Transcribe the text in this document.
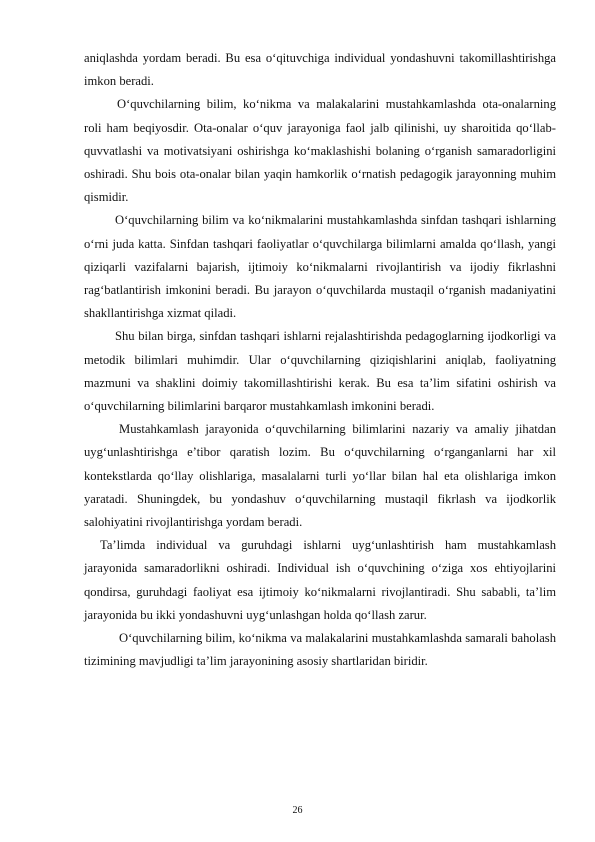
aniqlashda yordam beradi. Bu esa o‘qituvchiga individual yondashuvni takomillashtirishga imkon beradi.

O‘quvchilarning bilim, ko‘nikma va malakalarini mustahkamlashda ota-onalarning roli ham beqiyosdir. Ota-onalar o‘quv jarayoniga faol jalb qilinishi, uy sharoitida qo‘llab-quvvatlashi va motivatsiyani oshirishga ko‘maklashishi bolaning o‘rganish samaradorligini oshiradi. Shu bois ota-onalar bilan yaqin hamkorlik o‘rnatish pedagogik jarayonning muhim qismidir.

O‘quvchilarning bilim va ko‘nikmalarini mustahkamlashda sinfdan tashqari ishlarning o‘rni juda katta. Sinfdan tashqari faoliyatlar o‘quvchilarga bilimlarni amalda qo‘llash, yangi qiziqarli vazifalarni bajarish, ijtimoiy ko‘nikmalarni rivojlantirish va ijodiy fikrlashni rag‘batlantirish imkonini beradi. Bu jarayon o‘quvchilarda mustaqil o‘rganish madaniyatini shakllantirishga xizmat qiladi.

Shu bilan birga, sinfdan tashqari ishlarni rejalashtirishda pedagoglarning ijodkorligi va metodik bilimlari muhimdir. Ular o‘quvchilarning qiziqishlarini aniqlab, faoliyatning mazmuni va shaklini doimiy takomillashtirishi kerak. Bu esa ta’lim sifatini oshirish va o‘quvchilarning bilimlarini barqaror mustahkamlash imkonini beradi.

Mustahkamlash jarayonida o‘quvchilarning bilimlarini nazariy va amaliy jihatdan uyg‘unlashtirishga e’tibor qaratish lozim. Bu o‘quvchilarning o‘rganganlarni har xil kontekstlarda qo‘llay olishlariga, masalalarni turli yo‘llar bilan hal eta olishlariga imkon yaratadi. Shuningdek, bu yondashuv o‘quvchilarning mustaqil fikrlash va ijodkorlik salohiyatini rivojlantirishga yordam beradi.

Ta’limda individual va guruhdagi ishlarni uyg‘unlashtirish ham mustahkamlash jarayonida samaradorlikni oshiradi. Individual ish o‘quvchining o‘ziga xos ehtiyojlarini qondirsa, guruhdagi faoliyat esa ijtimoiy ko‘nikmalarni rivojlantiradi. Shu sababli, ta’lim jarayonida bu ikki yondashuvni uyg‘unlashgan holda qo‘llash zarur.

O‘quvchilarning bilim, ko‘nikma va malakalarini mustahkamlashda samarali baholash tizimining mavjudligi ta’lim jarayonining asosiy shartlaridan biridir.

26
